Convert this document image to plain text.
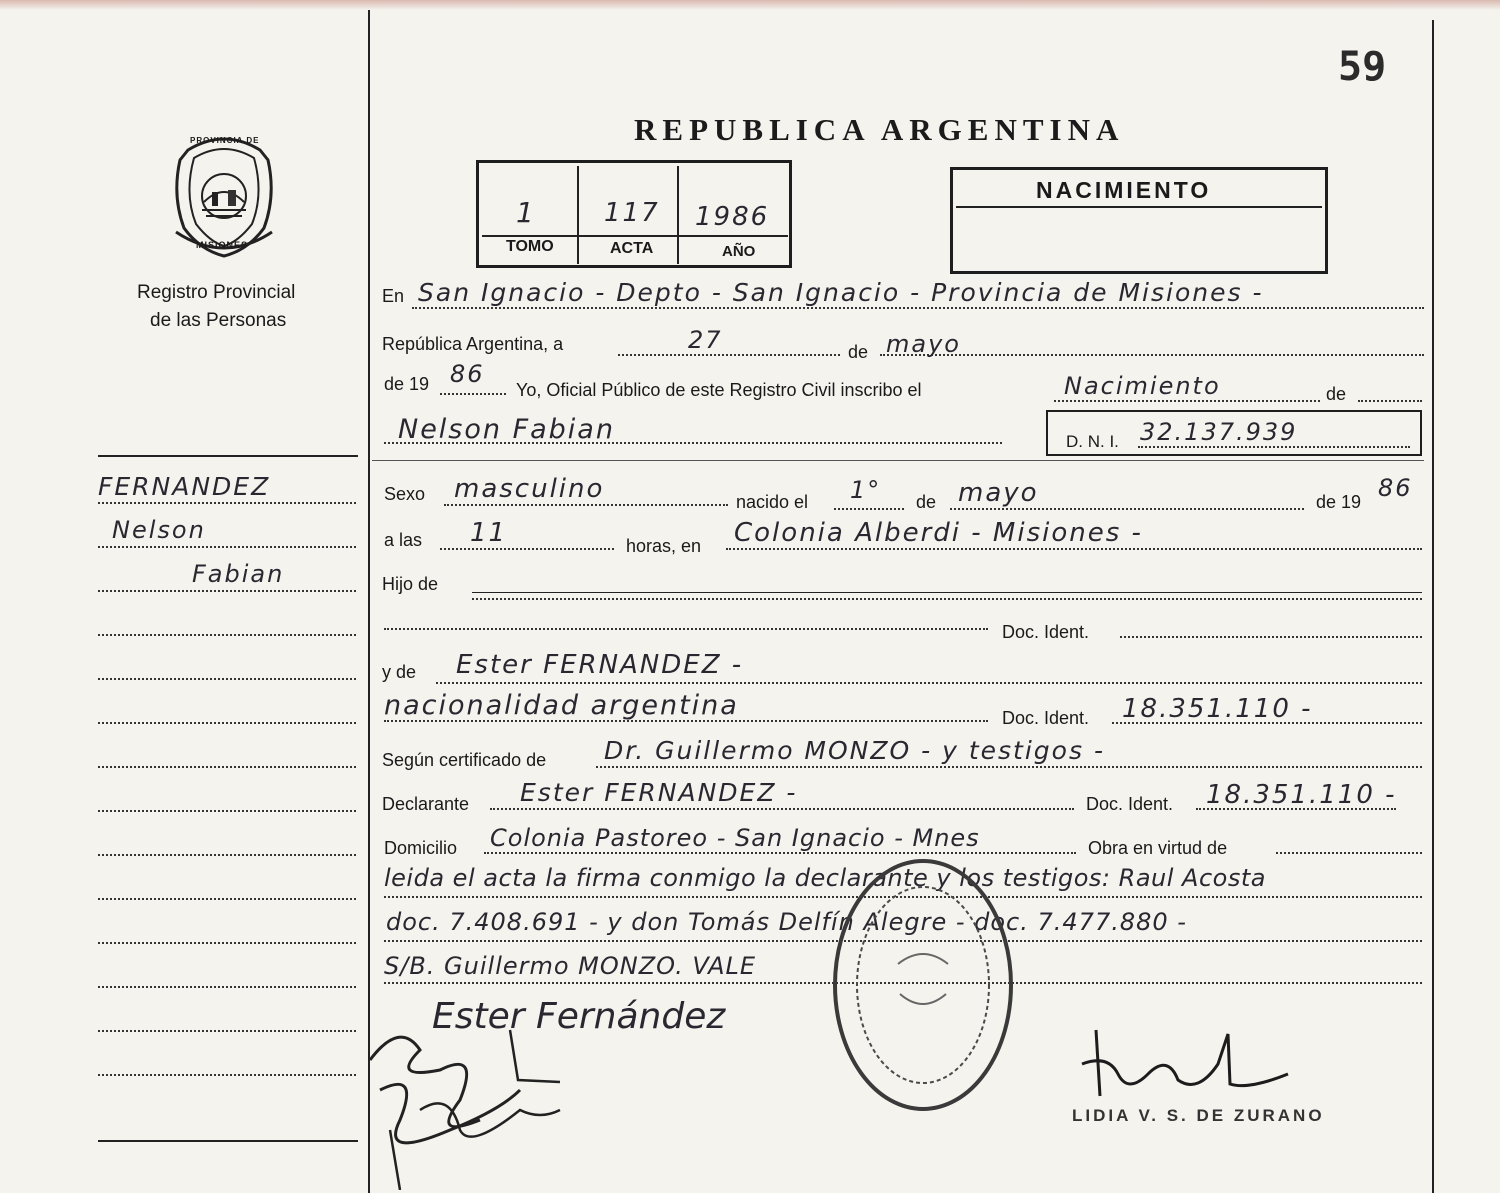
59
PROVINCIA DE
MISIONES
Registro Provincial
de las Personas
FERNANDEZ
Nelson
Fabian
REPUBLICA ARGENTINA
1	117 1986
TOMO	ACTA	AÑO
NACIMIENTO
En San Ignacio - Depto - San Ignacio - Provincia de Misiones -
República Argentina, a	27	de mayo
de 19 86
Yo, Oficial Público de este Registro Civil inscribo el	Nacimiento	de
Nelson Fabian	D. N. I. 32.137.939
Sexo masculino	nacido el 1° de mayo	de 19 86
a las 11	horas, en Colonia Alberdi - Misiones -
Hijo de
Doc. Ident.
y de Ester FERNANDEZ -
nacionalidad argentina	Doc. Ident. 18.351.110 -
Según certificado de Dr. Guillermo MONZO - y testigos -
Declarante Ester FERNANDEZ -	Doc. Ident. 18.351.110 -
Domicilio Colonia Pastoreo - San Ignacio - Mnes	Obra en virtud de
leida el acta la firma conmigo la declarante y los testigos: Raul Acosta
doc. 7.408.691 - y don Tomás Delfín Alegre - doc. 7.477.880 -
S/B. Guillermo MONZO. VALE
Ester Fernández
LIDIA V. S. DE ZURANO
